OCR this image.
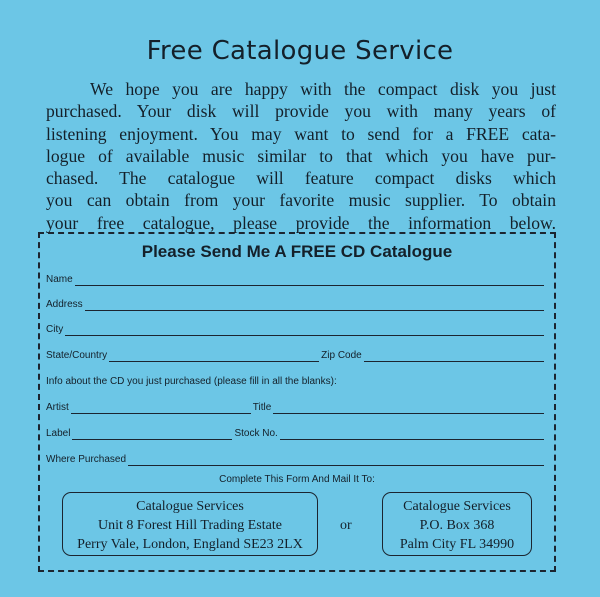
Free Catalogue Service
We hope you are happy with the compact disk you just
purchased. Your disk will provide you with many years of
listening enjoyment. You may want to send for a FREE cata-
logue of available music similar to that which you have pur-
chased. The catalogue will feature compact disks which
you can obtain from your favorite music supplier. To obtain
your free catalogue, please provide the information below.
Please Send Me A FREE CD Catalogue
Name
Address
City
State/Country	Zip Code
Info about the CD you just purchased (please fill in all the blanks):
Artist	Title
Label	Stock No.
Where Purchased
Complete This Form And Mail It To:
Catalogue Services
Unit 8 Forest Hill Trading Estate
Perry Vale, London, England SE23 2LX
or
Catalogue Services
P.O. Box 368
Palm City FL 34990
